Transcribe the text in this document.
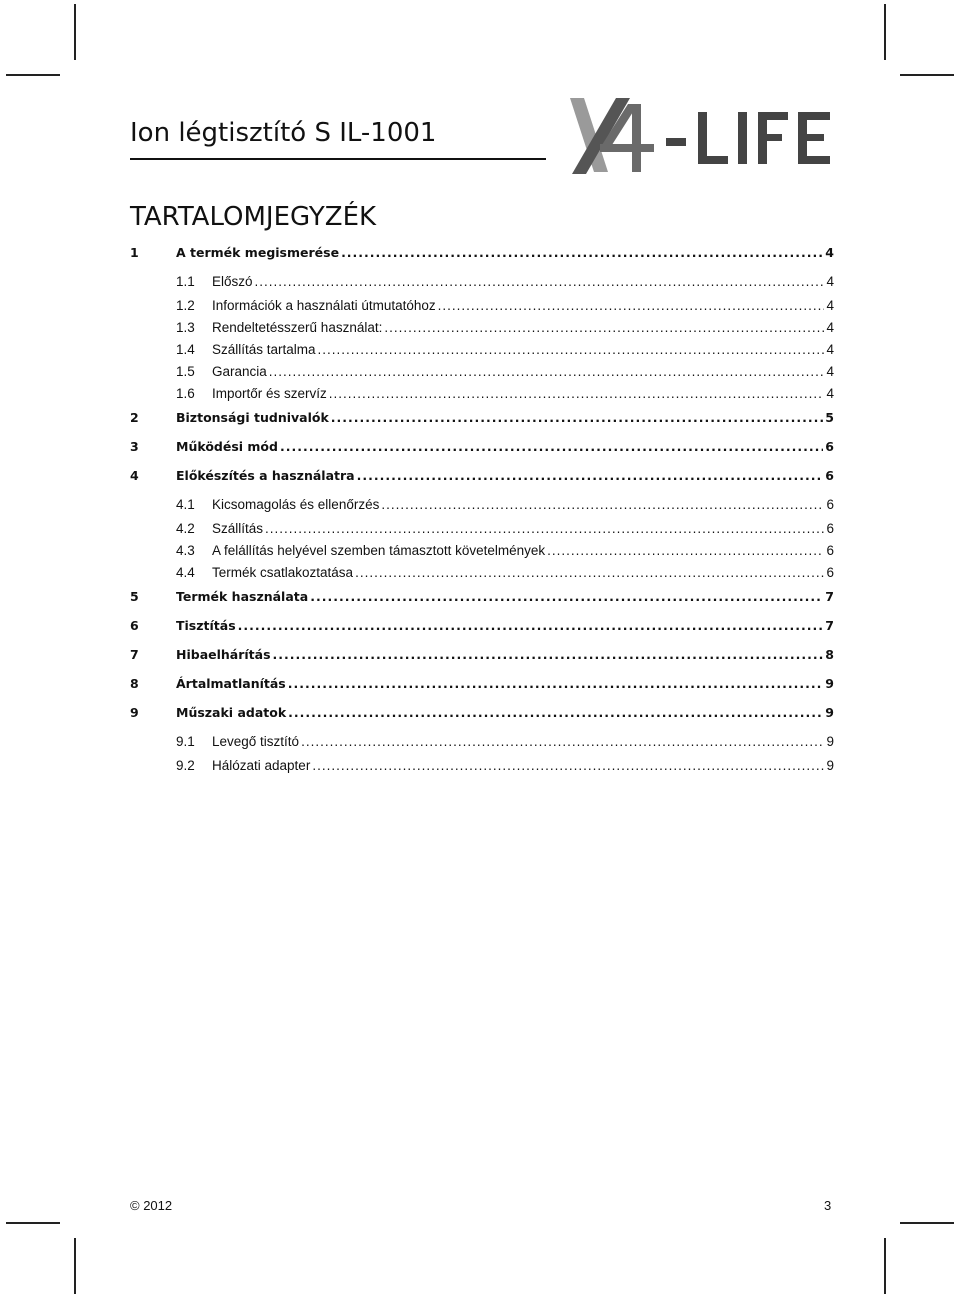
Ion légtisztító S IL-1001
TARTALOMJEGYZÉK
1	A termék megismerése .....	4
1.1	Előszó .....	4
1.2	Információk a használati útmutatóhoz .....	4
1.3	Rendeltetésszerű használat: .....	4
1.4	Szállítás tartalma .....	4
1.5	Garancia .....	4
1.6	Importőr és szervíz .....	4
2	Biztonsági tudnivalók .....	5
3	Működési mód .....	6
4	Előkészítés a használatra .....	6
4.1	Kicsomagolás és ellenőrzés .....	6
4.2	Szállítás .....	6
4.3	A felállítás helyével szemben támasztott követelmények .....	6
4.4	Termék csatlakoztatása .....	6
5	Termék használata .....	7
6	Tisztítás .....	7
7	Hibaelhárítás .....	8
8	Ártalmatlanítás .....	9
9	Műszaki adatok .....	9
9.1	Levegő tisztító .....	9
9.2	Hálózati adapter .....	9
© 2012	3
